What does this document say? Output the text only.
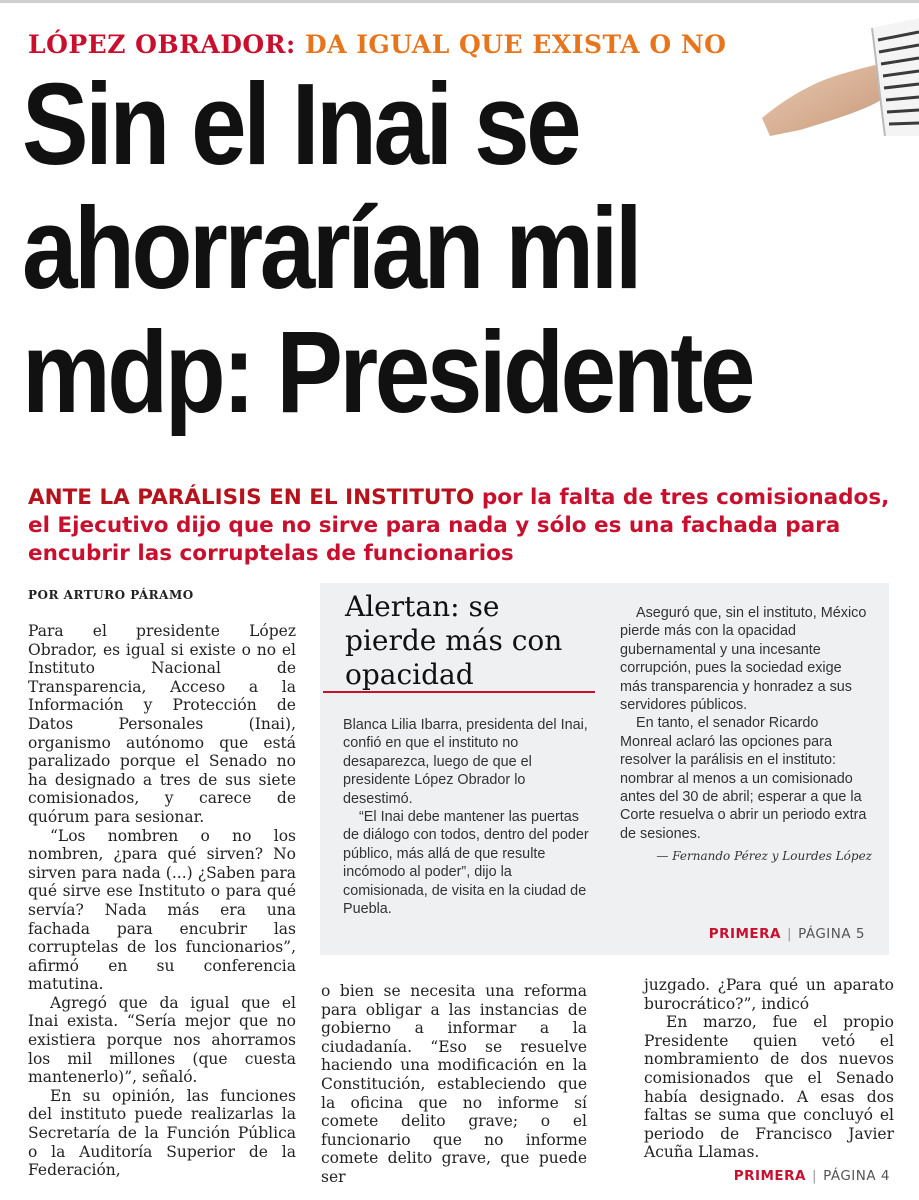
LÓPEZ OBRADOR: DA IGUAL QUE EXISTA O NO
Sin el Inai se
ahorrarían mil
mdp: Presidente
ANTE LA PARÁLISIS EN EL INSTITUTO por la falta de tres comisionados, el Ejecutivo dijo que no sirve para nada y sólo es una fachada para encubrir las corruptelas de funcionarios
POR ARTURO PÁRAMO

Para el presidente López Obrador, es igual si existe o no el Instituto Nacional de Transparencia, Acceso a la Información y Protección de Datos Personales (Inai), organismo autónomo que está paralizado porque el Senado no ha designado a tres de sus siete comisionados, y carece de quórum para sesionar.

“Los nombren o no los nombren, ¿para qué sirven? No sirven para nada (...) ¿Saben para qué sirve ese Instituto o para qué servía? Nada más era una fachada para encubrir las corruptelas de los funcionarios”, afirmó en su conferencia matutina.

Agregó que da igual que el Inai exista. “Sería mejor que no existiera porque nos ahorramos los mil millones (que cuesta mantenerlo)”, señaló.

En su opinión, las funciones del instituto puede realizarlas la Secretaría de la Función Pública o la Auditoría Superior de la Federación,

Alertan: se pierde más con opacidad

Blanca Lilia Ibarra, presidenta del Inai, confió en que el instituto no desaparezca, luego de que el presidente López Obrador lo desestimó.

“El Inai debe mantener las puertas de diálogo con todos, dentro del poder público, más allá de que resulte incómodo al poder”, dijo la comisionada, de visita en la ciudad de Puebla.

Aseguró que, sin el instituto, México pierde más con la opacidad gubernamental y una incesante corrupción, pues la sociedad exige más transparencia y honradez a sus servidores públicos.

En tanto, el senador Ricardo Monreal aclaró las opciones para resolver la parálisis en el instituto: nombrar al menos a un comisionado antes del 30 de abril; esperar a que la Corte resuelva o abrir un periodo extra de sesiones.

— Fernando Pérez y Lourdes López

PRIMERA | PÁGINA 5

o bien se necesita una reforma para obligar a las instancias de gobierno a informar a la ciudadanía. “Eso se resuelve haciendo una modificación en la Constitución, estableciendo que la oficina que no informe sí comete delito grave; o el funcionario que no informe comete delito grave, que puede ser

juzgado. ¿Para qué un aparato burocrático?”, indicó

En marzo, fue el propio Presidente quien vetó el nombramiento de dos nuevos comisionados que el Senado había designado. A esas dos faltas se suma que concluyó el periodo de Francisco Javier Acuña Llamas.

PRIMERA | PÁGINA 4
